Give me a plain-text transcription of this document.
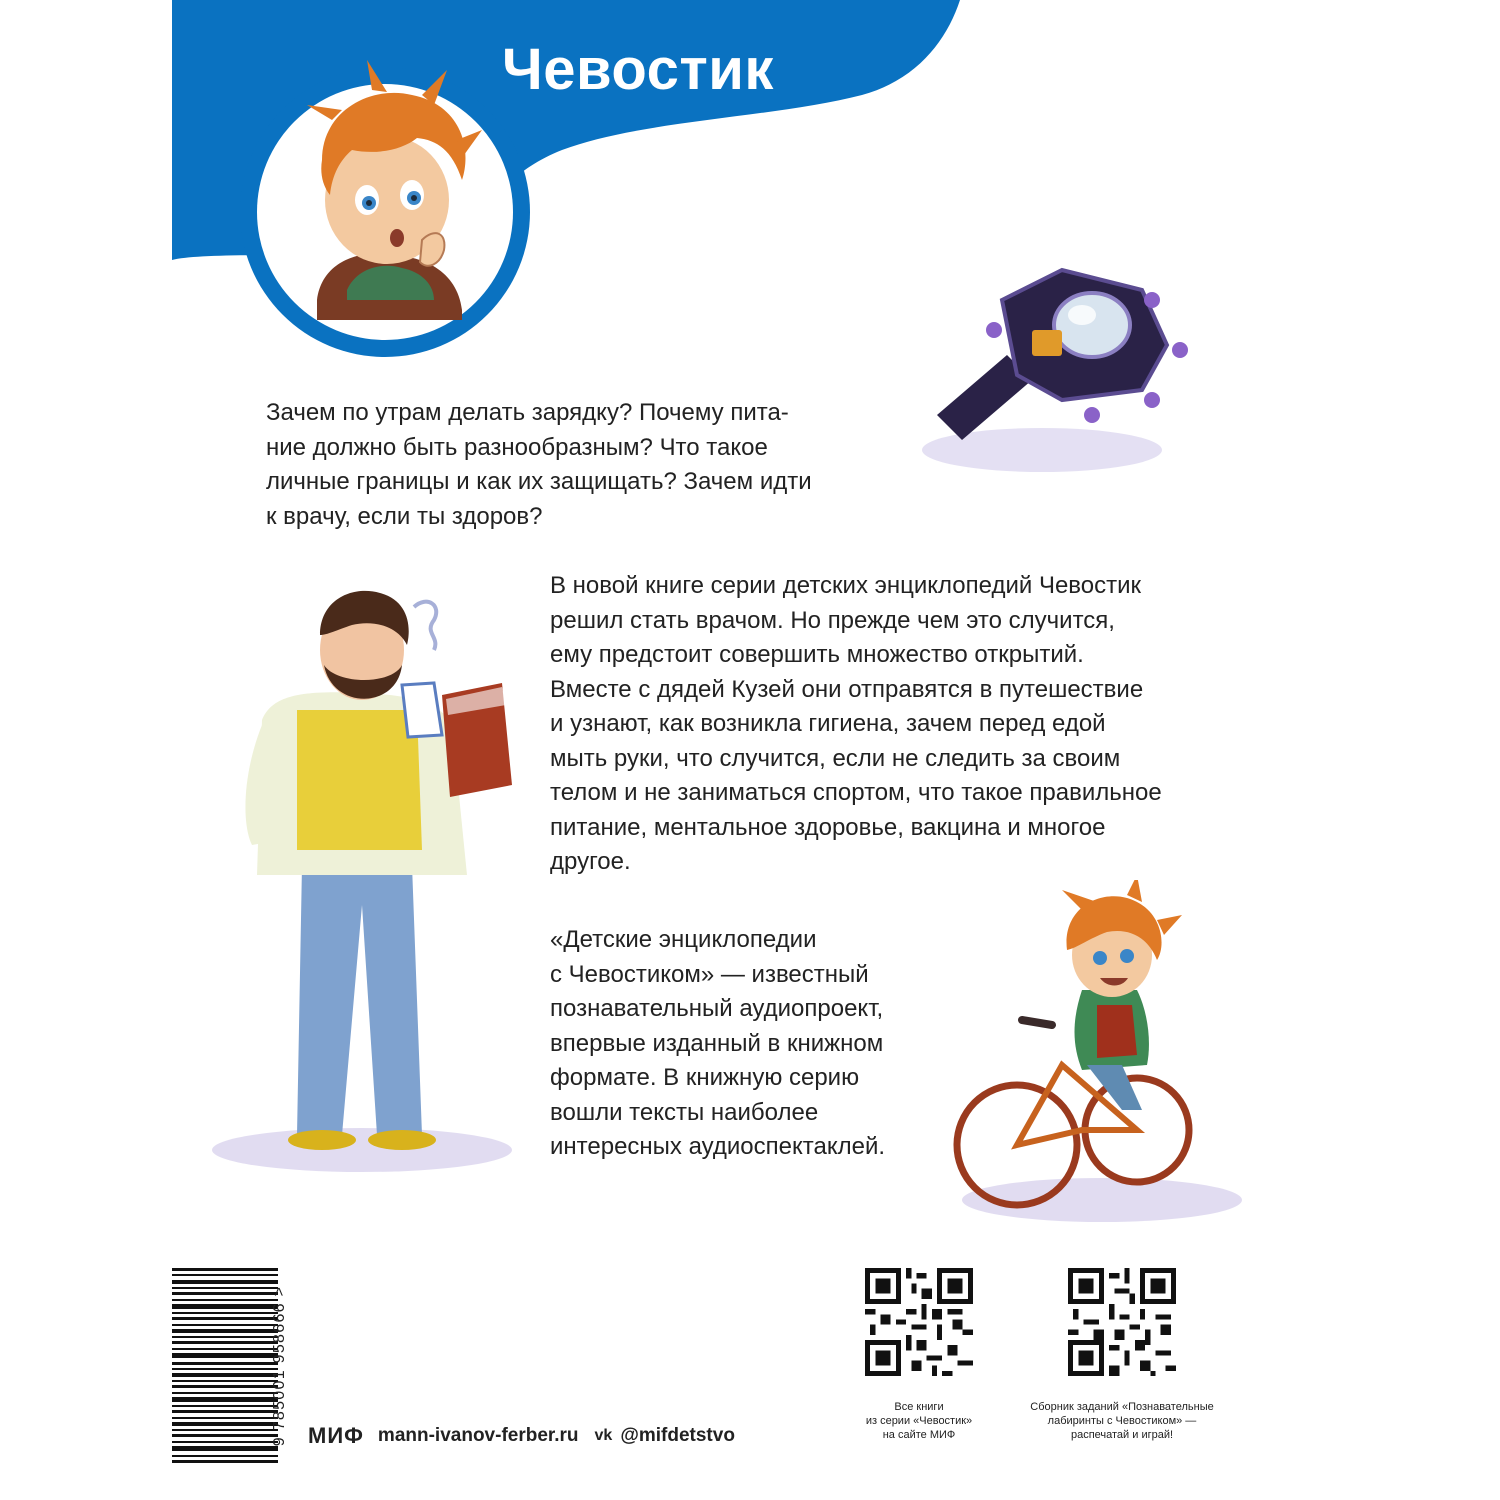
Чевостик
Зачем по утрам делать зарядку? Почему пита-
ние должно быть разнообразным? Что такое
личные границы и как их защищать? Зачем идти
к врачу, если ты здоров?
В новой книге серии детских энциклопедий Чевостик
решил стать врачом. Но прежде чем это случится,
ему предстоит совершить множество открытий.
Вместе с дядей Кузей они отправятся в путешествие
и узнают, как возникла гигиена, зачем перед едой
мыть руки, что случится, если не следить за своим
телом и не заниматься спортом, что такое правильное
питание, ментальное здоровье, вакцина и многое
другое.
«Детские энциклопедии
с Чевостиком» — известный
познавательный аудиопроект,
впервые изданный в книжном
формате. В книжную серию
вошли тексты наиболее
интересных аудиоспектаклей.
9 785001 958666 > МИФ mann-ivanov-ferber.ru vk @mifdetstvo
Все книги
из серии «Чевостик»
на сайте МИФ
Сборник заданий «Познавательные
лабиринты с Чевостиком» —
распечатай и играй!
